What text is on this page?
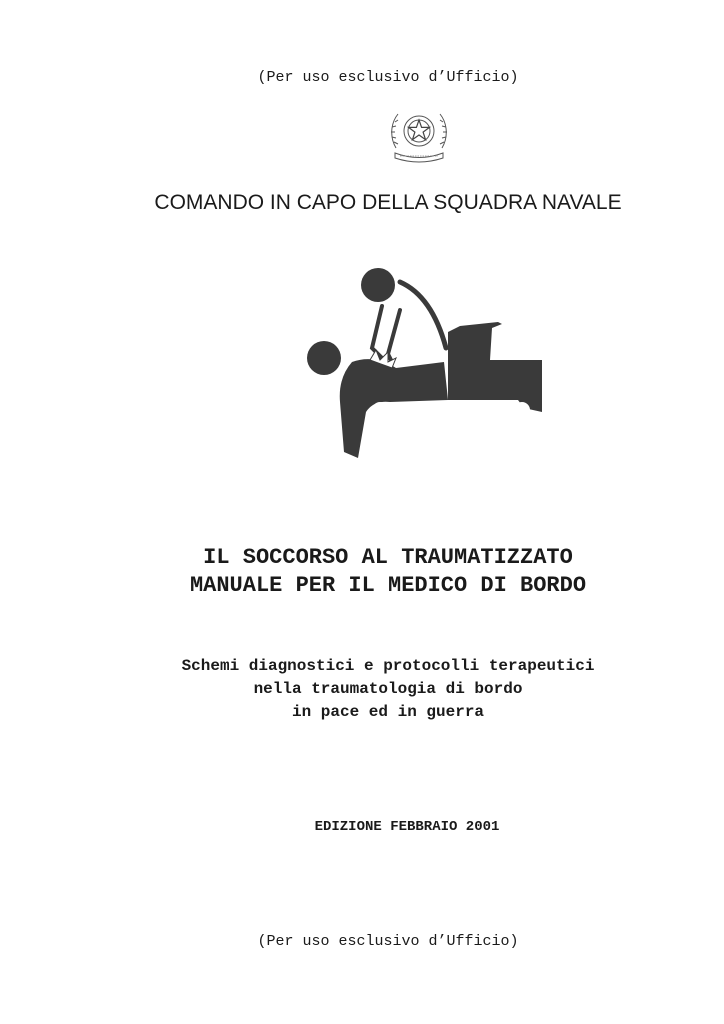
(Per uso esclusivo d’Ufficio)
COMANDO IN CAPO DELLA SQUADRA NAVALE
IL SOCCORSO AL TRAUMATIZZATO
MANUALE PER IL MEDICO DI BORDO
Schemi diagnostici e protocolli terapeutici
nella traumatologia di bordo
in pace ed in guerra
EDIZIONE FEBBRAIO 2001
(Per uso esclusivo d’Ufficio)
